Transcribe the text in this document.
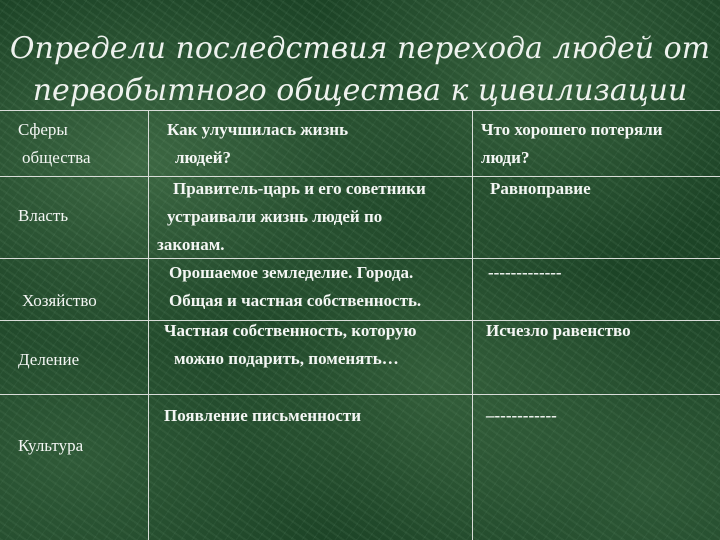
Определи последствия перехода людей от
первобытного общества к цивилизации
Сферы
общества
Как улучшилась жизнь
людей?
Что хорошего потеряли
люди?
Власть
Правитель-царь и его советники
устраивали жизнь людей по
законам.
Равноправие
Хозяйство
Орошаемое земледелие. Города.
Общая и частная собственность.
-------------
Деление
Частная собственность, которую
можно подарить, поменять…
Исчезло равенство
Культура
Появление письменности	–-----------
